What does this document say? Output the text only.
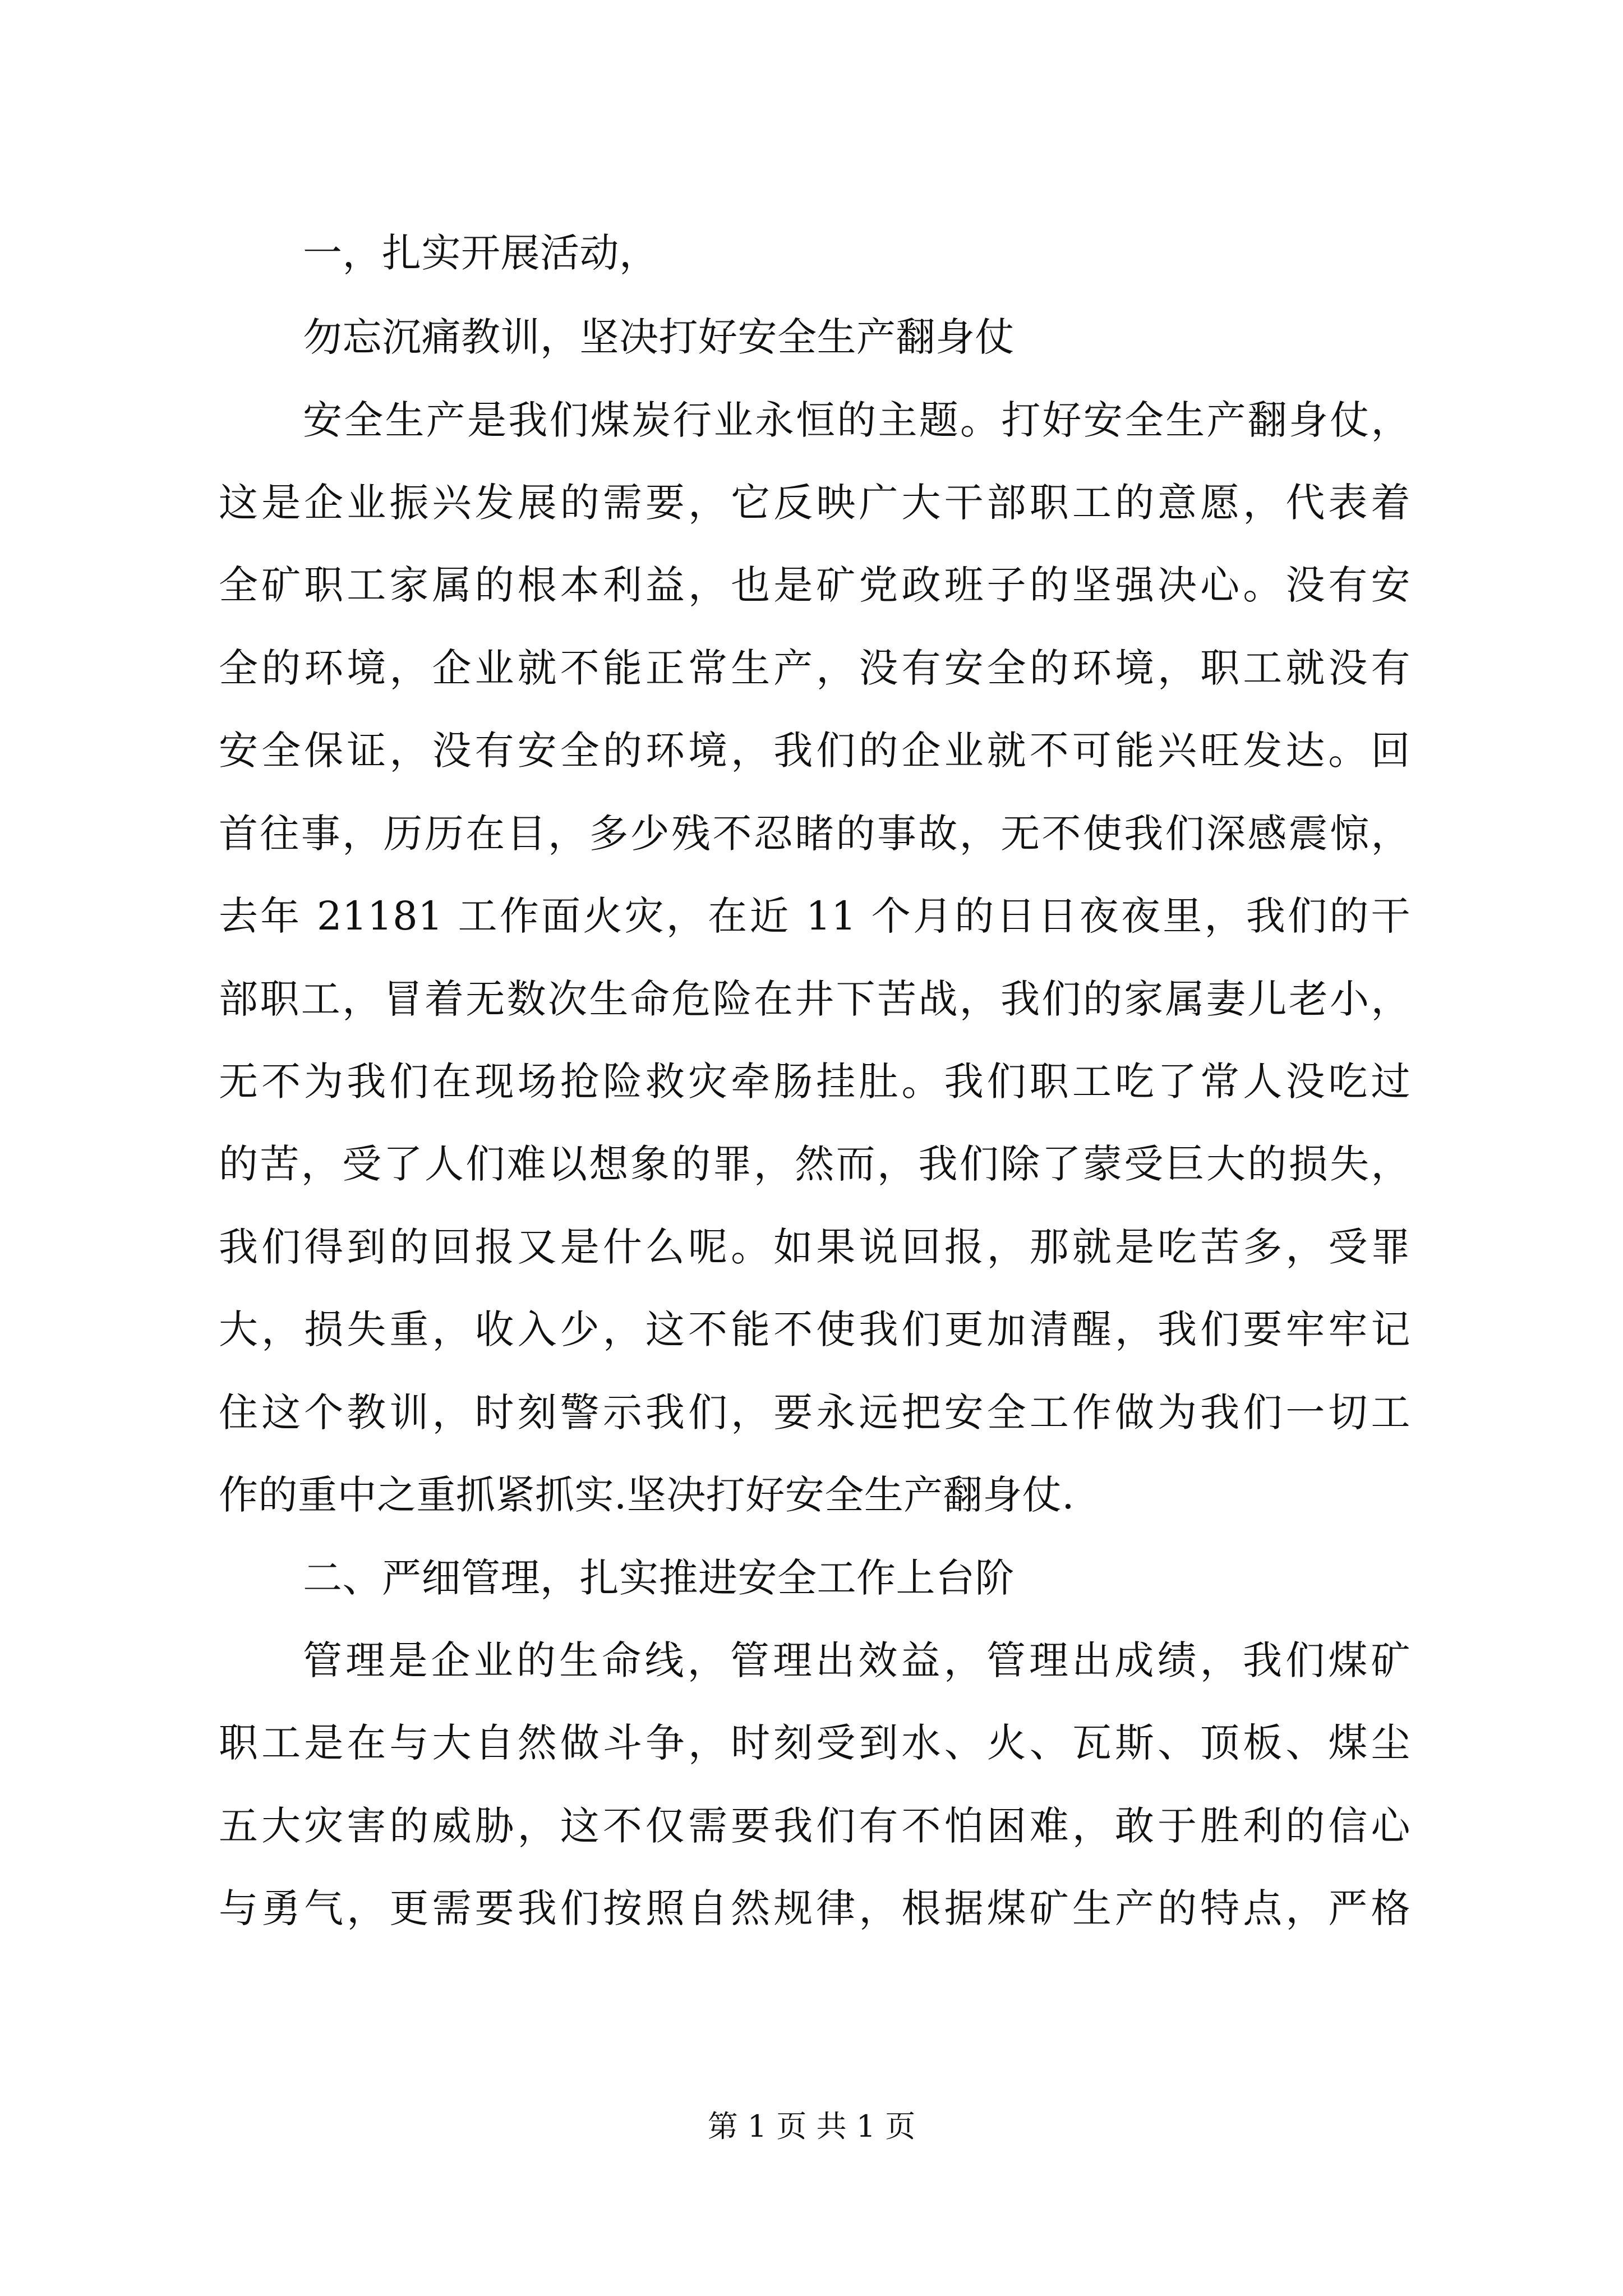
一，扎实开展活动，
勿忘沉痛教训，坚决打好安全生产翻身仗
安全生产是我们煤炭行业永恒的主题。打好安全生产翻身仗，
这是企业振兴发展的需要，它反映广大干部职工的意愿，代表着
全矿职工家属的根本利益，也是矿党政班子的坚强决心。没有安
全的环境，企业就不能正常生产，没有安全的环境，职工就没有
安全保证，没有安全的环境，我们的企业就不可能兴旺发达。回
首往事，历历在目，多少残不忍睹的事故，无不使我们深感震惊，
去年 21181 工作面火灾，在近 11 个月的日日夜夜里，我们的干
部职工，冒着无数次生命危险在井下苦战，我们的家属妻儿老小，
无不为我们在现场抢险救灾牵肠挂肚。我们职工吃了常人没吃过
的苦，受了人们难以想象的罪，然而，我们除了蒙受巨大的损失，
我们得到的回报又是什么呢。如果说回报，那就是吃苦多，受罪
大，损失重，收入少，这不能不使我们更加清醒，我们要牢牢记
住这个教训，时刻警示我们，要永远把安全工作做为我们一切工
作的重中之重抓紧抓实.坚决打好安全生产翻身仗.
二、严细管理，扎实推进安全工作上台阶
管理是企业的生命线，管理出效益，管理出成绩，我们煤矿
职工是在与大自然做斗争，时刻受到水、火、瓦斯、顶板、煤尘
五大灾害的威胁，这不仅需要我们有不怕困难，敢于胜利的信心
与勇气，更需要我们按照自然规律，根据煤矿生产的特点，严格
第 1 页 共 1 页
